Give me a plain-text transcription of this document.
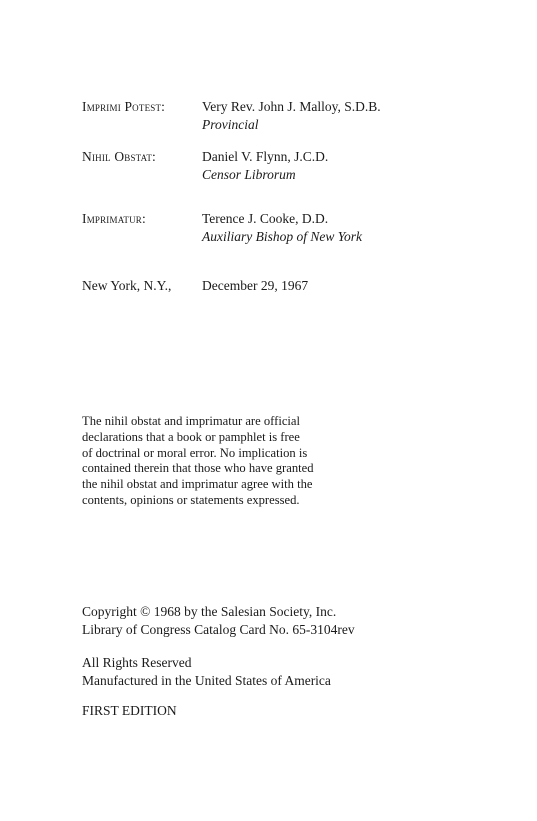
Imprimi Potest:	Very Rev. John J. Malloy, S.D.B.
Provincial
Nihil Obstat:	Daniel V. Flynn, J.C.D.
Censor Librorum
Imprimatur:	Terence J. Cooke, D.D.
Auxiliary Bishop of New York
New York, N.Y.,	December 29, 1967
The nihil obstat and imprimatur are official
declarations that a book or pamphlet is free
of doctrinal or moral error. No implication is
contained therein that those who have granted
the nihil obstat and imprimatur agree with the
contents, opinions or statements expressed.
Copyright © 1968 by the Salesian Society, Inc.
Library of Congress Catalog Card No. 65-3104rev
All Rights Reserved
Manufactured in the United States of America
FIRST EDITION
